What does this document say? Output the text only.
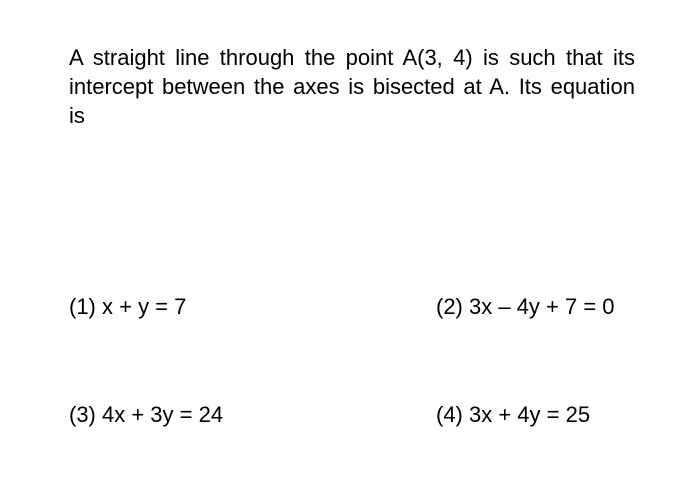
A straight line through the point A(3, 4) is such that its intercept between the axes is bisected at A. Its equation is

(1) x + y = 7	(2) 3x – 4y + 7 = 0
(3) 4x + 3y = 24	(4) 3x + 4y = 25
